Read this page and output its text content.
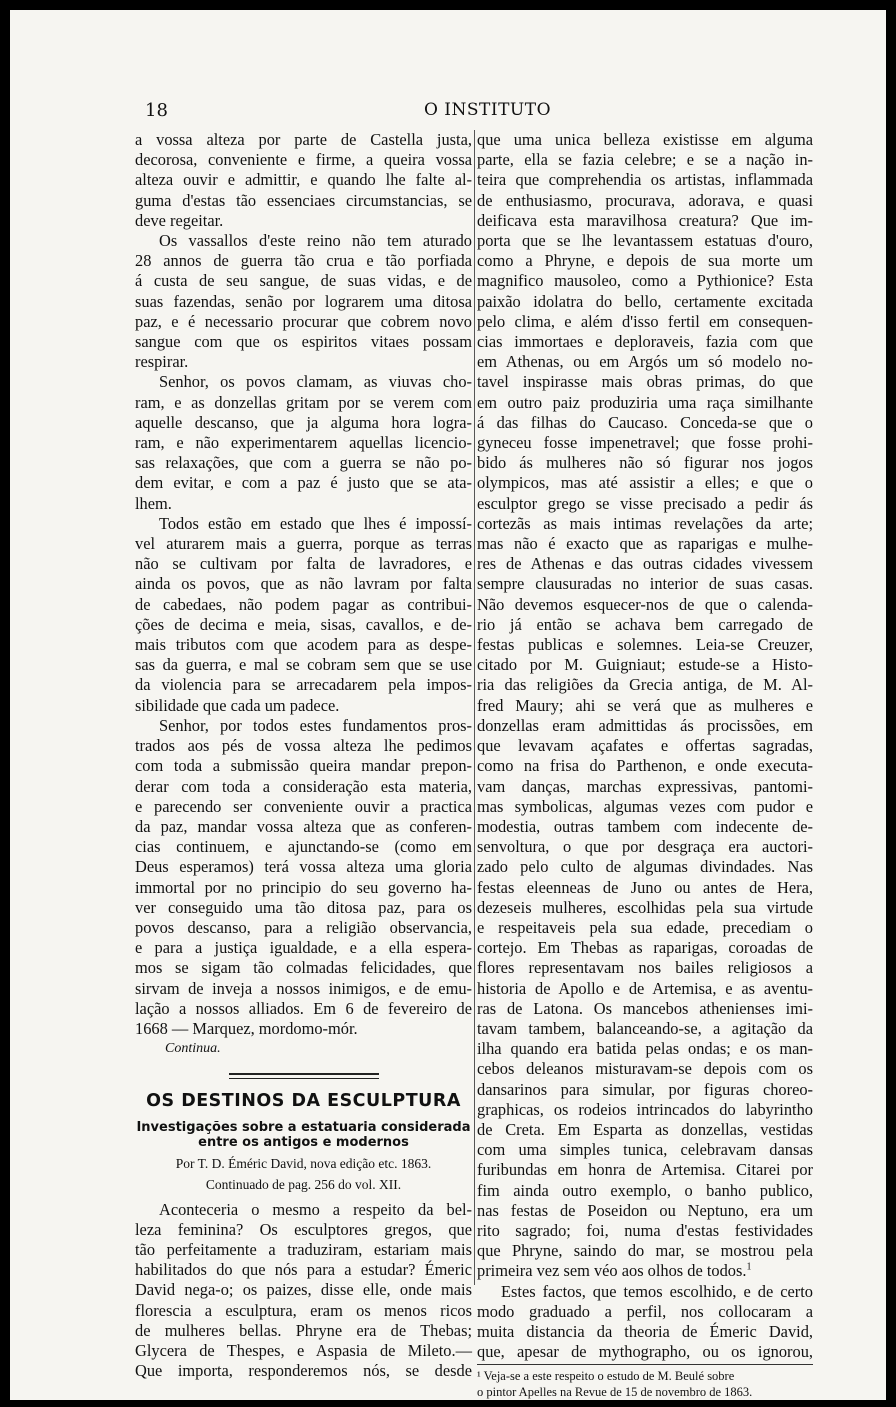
18	O INSTITUTO
a vossa alteza por parte de Castella justa,
decorosa, conveniente e firme, a queira vossa
alteza ouvir e admittir, e quando lhe falte al-
guma d'estas tão essenciaes circumstancias, se
deve regeitar.
Os vassallos d'este reino não tem aturado
28 annos de guerra tão crua e tão porfiada
á custa de seu sangue, de suas vidas, e de
suas fazendas, senão por lograrem uma ditosa
paz, e é necessario procurar que cobrem novo
sangue com que os espiritos vitaes possam
respirar.
Senhor, os povos clamam, as viuvas cho-
ram, e as donzellas gritam por se verem com
aquelle descanso, que ja alguma hora logra-
ram, e não experimentarem aquellas licencio-
sas relaxações, que com a guerra se não po-
dem evitar, e com a paz é justo que se ata-
lhem.
Todos estão em estado que lhes é impossí-
vel aturarem mais a guerra, porque as terras
não se cultivam por falta de lavradores, e
ainda os povos, que as não lavram por falta
de cabedaes, não podem pagar as contribui-
ções de decima e meia, sisas, cavallos, e de-
mais tributos com que acodem para as despe-
sas da guerra, e mal se cobram sem que se use
da violencia para se arrecadarem pela impos-
sibilidade que cada um padece.
Senhor, por todos estes fundamentos pros-
trados aos pés de vossa alteza lhe pedimos
com toda a submissão queira mandar prepon-
derar com toda a consideração esta materia,
e parecendo ser conveniente ouvir a practica
da paz, mandar vossa alteza que as conferen-
cias continuem, e ajunctando-se (como em
Deus esperamos) terá vossa alteza uma gloria
immortal por no principio do seu governo ha-
ver conseguido uma tão ditosa paz, para os
povos descanso, para a religião observancia,
e para a justiça igualdade, e a ella espera-
mos se sigam tão colmadas felicidades, que
sirvam de inveja a nossos inimigos, e de emu-
lação a nossos alliados. Em 6 de fevereiro de
1668 — Marquez, mordomo-mór.
Continua.
OS DESTINOS DA ESCULPTURA
Investigações sobre a estatuaria considerada
entre os antigos e modernos
Por T. D. Éméric David, nova edição etc. 1863.
Continuado de pag. 256 do vol. XII.
Aconteceria o mesmo a respeito da bel-
leza feminina? Os esculptores gregos, que
tão perfeitamente a traduziram, estariam mais
habilitados do que nós para a estudar? Émeric
David nega-o; os paizes, disse elle, onde mais
florescia a esculptura, eram os menos ricos
de mulheres bellas. Phryne era de Thebas;
Glycera de Thespes, e Aspasia de Mileto.—
Que importa, responderemos nós, se desde
que uma unica belleza existisse em alguma
parte, ella se fazia celebre; e se a nação in-
teira que comprehendia os artistas, inflammada
de enthusiasmo, procurava, adorava, e quasi
deificava esta maravilhosa creatura? Que im-
porta que se lhe levantassem estatuas d'ouro,
como a Phryne, e depois de sua morte um
magnifico mausoleo, como a Pythionice? Esta
paixão idolatra do bello, certamente excitada
pelo clima, e além d'isso fertil em consequen-
cias immortaes e deploraveis, fazia com que
em Athenas, ou em Argós um só modelo no-
tavel inspirasse mais obras primas, do que
em outro paiz produziria uma raça similhante
á das filhas do Caucaso. Conceda-se que o
gyneceu fosse impenetravel; que fosse prohi-
bido ás mulheres não só figurar nos jogos
olympicos, mas até assistir a elles; e que o
esculptor grego se visse precisado a pedir ás
cortezãs as mais intimas revelações da arte;
mas não é exacto que as raparigas e mulhe-
res de Athenas e das outras cidades vivessem
sempre clausuradas no interior de suas casas.
Não devemos esquecer-nos de que o calenda-
rio já então se achava bem carregado de
festas publicas e solemnes. Leia-se Creuzer,
citado por M. Guigniaut; estude-se a Histo-
ria das religiões da Grecia antiga, de M. Al-
fred Maury; ahi se verá que as mulheres e
donzellas eram admittidas ás procissões, em
que levavam açafates e offertas sagradas,
como na frisa do Parthenon, e onde executa-
vam danças, marchas expressivas, pantomi-
mas symbolicas, algumas vezes com pudor e
modestia, outras tambem com indecente de-
senvoltura, o que por desgraça era auctori-
zado pelo culto de algumas divindades. Nas
festas eleenneas de Juno ou antes de Hera,
dezeseis mulheres, escolhidas pela sua virtude
e respeitaveis pela sua edade, precediam o
cortejo. Em Thebas as raparigas, coroadas de
flores representavam nos bailes religiosos a
historia de Apollo e de Artemisa, e as aventu-
ras de Latona. Os mancebos athenienses imi-
tavam tambem, balanceando-se, a agitação da
ilha quando era batida pelas ondas; e os man-
cebos deleanos misturavam-se depois com os
dansarinos para simular, por figuras choreo-
graphicas, os rodeios intrincados do labyrintho
de Creta. Em Esparta as donzellas, vestidas
com uma simples tunica, celebravam dansas
furibundas em honra de Artemisa. Citarei por
fim ainda outro exemplo, o banho publico,
nas festas de Poseidon ou Neptuno, era um
rito sagrado; foi, numa d'estas festividades
que Phryne, saindo do mar, se mostrou pela
primeira vez sem véo aos olhos de todos.$^1$
Estes factos, que temos escolhido, e de certo
modo graduado a perfil, nos collocaram a
muita distancia da theoria de Émeric David,
que, apesar de mythographo, ou os ignorou,
¹ Veja-se a este respeito o estudo de M. Beulé sobre
o pintor Apelles na Revue de 15 de novembro de 1863.
